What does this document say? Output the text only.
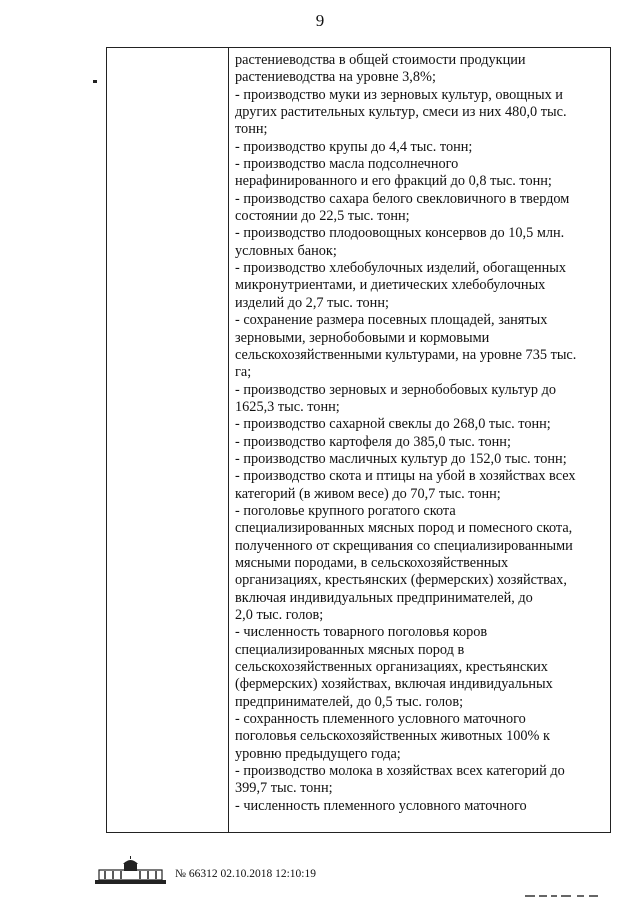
9
растениеводства в общей стоимости продукции
растениеводства на уровне 3,8%;
- производство муки из зерновых культур, овощных и
других растительных культур, смеси из них 480,0 тыс.
тонн;
- производство крупы до 4,4 тыс. тонн;
- производство масла подсолнечного
нерафинированного и его фракций до 0,8 тыс. тонн;
- производство сахара белого свекловичного в твердом
состоянии до 22,5 тыс. тонн;
- производство плодоовощных консервов до 10,5 млн.
условных банок;
- производство хлебобулочных изделий, обогащенных
микронутриентами, и диетических хлебобулочных
изделий до 2,7 тыс. тонн;
- сохранение размера посевных площадей, занятых
зерновыми, зернобобовыми и кормовыми
сельскохозяйственными культурами, на уровне 735 тыс.
га;
- производство зерновых и зернобобовых культур до
1625,3 тыс. тонн;
- производство сахарной свеклы до 268,0 тыс. тонн;
- производство картофеля до 385,0 тыс. тонн;
- производство масличных культур до 152,0 тыс. тонн;
- производство скота и птицы на убой в хозяйствах всех
категорий (в живом весе) до 70,7 тыс. тонн;
- поголовье крупного рогатого скота
специализированных мясных пород и помесного скота,
полученного от скрещивания со специализированными
мясными породами, в сельскохозяйственных
организациях, крестьянских (фермерских) хозяйствах,
включая индивидуальных предпринимателей, до
2,0 тыс. голов;
- численность товарного поголовья коров
специализированных мясных пород в
сельскохозяйственных организациях, крестьянских
(фермерских) хозяйствах, включая индивидуальных
предпринимателей, до 0,5 тыс. голов;
- сохранность племенного условного маточного
поголовья сельскохозяйственных животных 100% к
уровню предыдущего года;
- производство молока в хозяйствах всех категорий до
399,7 тыс. тонн;
- численность племенного условного маточного
№ 66312 02.10.2018 12:10:19
